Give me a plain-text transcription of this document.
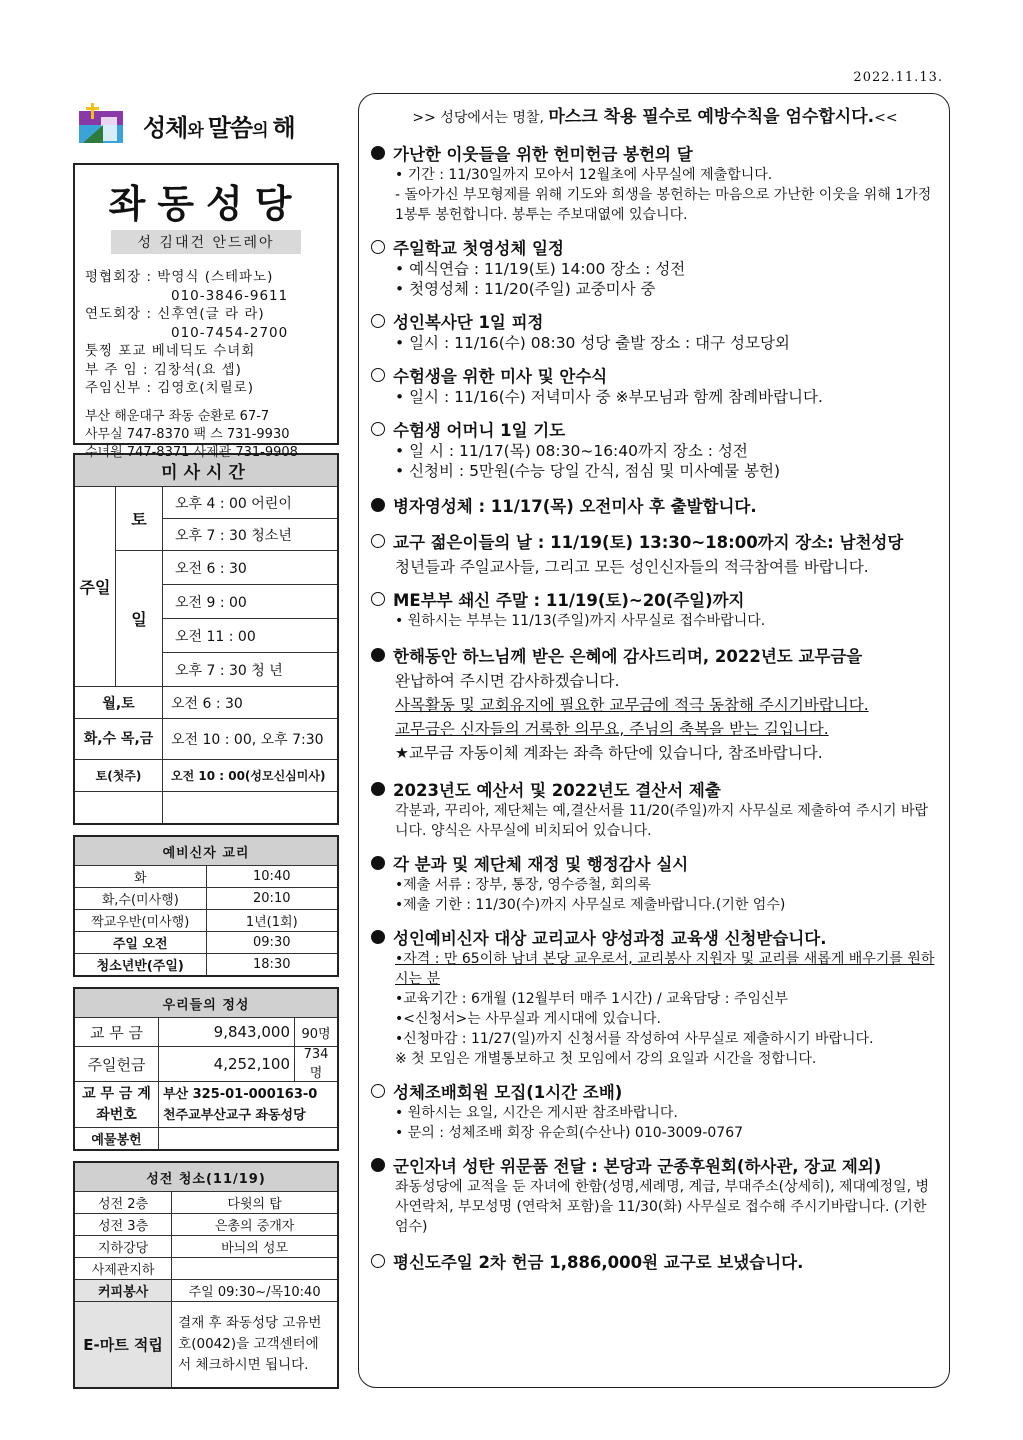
2022.11.13.
성체와 말씀의 해
좌동성당
성 김대건 안드레아
평협회장 : 박영식 (스테파노)
010-3846-9611
연도회장 : 신후연(글 라 라)
010-7454-2700
툿찡 포교 베네딕도 수녀회
부 주 임 : 김창석(요 셉)
주임신부 : 김영호(치릴로)
부산 해운대구 좌동 순환로 67-7
사무실 747-8370 팩 스 731-9930
수녀원 747-8371 사제관 731-9908
미사시간		
주일	토	오후 4 : 00 어린이
		오후 7 : 30 청소년
	일	오전 6 : 30
		오전 9 : 00
		오전 11 : 00
		오후 7 : 30 청 년
월,토		오전 6 : 30
화,수 목,금		오전 10 : 00, 오후 7:30
토(첫주)		오전 10 : 00(성모신심미사)

예비신자 교리	
화	10:40
화,수(미사행)	20:10
짝교우반(미사행)	1년(1회)
주일 오전	09:30
청소년반(주일)	18:30
우리들의 정성		
교 무 금	9,843,000	90명
주일헌금	4,252,100	734명
교 무 금 계좌번호	부산 325-01-000163-0
천주교부산교구 좌동성당	

예물봉헌		
성전 청소(11/19)	
성전 2층	다윗의 탑
성전 3층	은총의 중개자
지하강당	바늬의 성모
사제관지하	
커피봉사	주일 09:30~/목10:40
E-마트 적립	결재 후 좌동성당 고유번호(0042)을 고객센터에서 체크하시면 됩니다.
>> 성당에서는 명찰, 마스크 착용 필수로 예방수칙을 엄수합시다.<<
가난한 이웃들을 위한 헌미헌금 봉헌의 달
• 기간 : 11/30일까지 모아서 12월초에 사무실에 제출합니다.
- 돌아가신 부모형제를 위해 기도와 희생을 봉헌하는 마음으로 가난한 이웃을 위해 1가정 1봉투 봉헌합니다. 봉투는 주보대엾에 있습니다.
주일학교 첫영성체 일정
• 예식연습 : 11/19(토) 14:00 장소 : 성전
• 첫영성체 : 11/20(주일) 교중미사 중
성인복사단 1일 피정
• 일시 : 11/16(수) 08:30 성당 출발 장소 : 대구 성모당외
수험생을 위한 미사 및 안수식
• 일시 : 11/16(수) 저녁미사 중 ※부모님과 함께 참례바랍니다.
수험생 어머니 1일 기도
• 일 시 : 11/17(목) 08:30~16:40까지 장소 : 성전
• 신청비 : 5만원(수능 당일 간식, 점심 및 미사예물 봉헌)
병자영성체 : 11/17(목) 오전미사 후 출발합니다.
교구 젊은이들의 날 : 11/19(토) 13:30~18:00까지 장소: 남천성당
청년들과 주일교사들, 그리고 모든 성인신자들의 적극참여를 바랍니다.
ME부부 쇄신 주말 : 11/19(토)~20(주일)까지
• 원하시는 부부는 11/13(주일)까지 사무실로 접수바랍니다.
한해동안 하느님께 받은 은혜에 감사드리며, 2022년도 교무금을
완납하여 주시면 감사하겠습니다.
사목활동 및 교회유지에 필요한 교무금에 적극 동참해 주시기바랍니다.
교무금은 신자들의 거룩한 의무요, 주님의 축복을 받는 길입니다.
★교무금 자동이체 계좌는 좌측 하단에 있습니다, 참조바랍니다.
2023년도 예산서 및 2022년도 결산서 제출
각분과, 꾸리아, 제단체는 예,결산서를 11/20(주일)까지 사무실로 제출하여 주시기 바랍니다. 양식은 사무실에 비치되어 있습니다.
각 분과 및 제단체 재정 및 행정감사 실시
•제출 서류 : 장부, 통장, 영수증철, 회의록
•제출 기한 : 11/30(수)까지 사무실로 제출바랍니다.(기한 엄수)
성인예비신자 대상 교리교사 양성과정 교육생 신청받습니다.
•자격 : 만 65이하 남녀 본당 교우로서, 교리봉사 지원자 및 교리를 새롭게 배우기를 원하시는 분
•교육기간 : 6개월 (12월부터 매주 1시간) / 교육담당 : 주임신부
•<신청서>는 사무실과 게시대에 있습니다.
•신청마감 : 11/27(일)까지 신청서를 작성하여 사무실로 제출하시기 바랍니다.
※ 첫 모임은 개별통보하고 첫 모임에서 강의 요일과 시간을 정합니다.
성체조배회원 모집(1시간 조배)
• 원하시는 요일, 시간은 게시판 참조바랍니다.
• 문의 : 성체조배 회장 유순희(수산나) 010-3009-0767
군인자녀 성탄 위문품 전달 : 본당과 군종후원회(하사관, 장교 제외)
좌동성당에 교적을 둔 자녀에 한함(성명,세례명, 계급, 부대주소(상세히), 제대예정일, 병사연락처, 부모성명 (연락처 포함)을 11/30(화) 사무실로 접수해 주시기바랍니다. (기한 엄수)
평신도주일 2차 헌금 1,886,000원 교구로 보냈습니다.
